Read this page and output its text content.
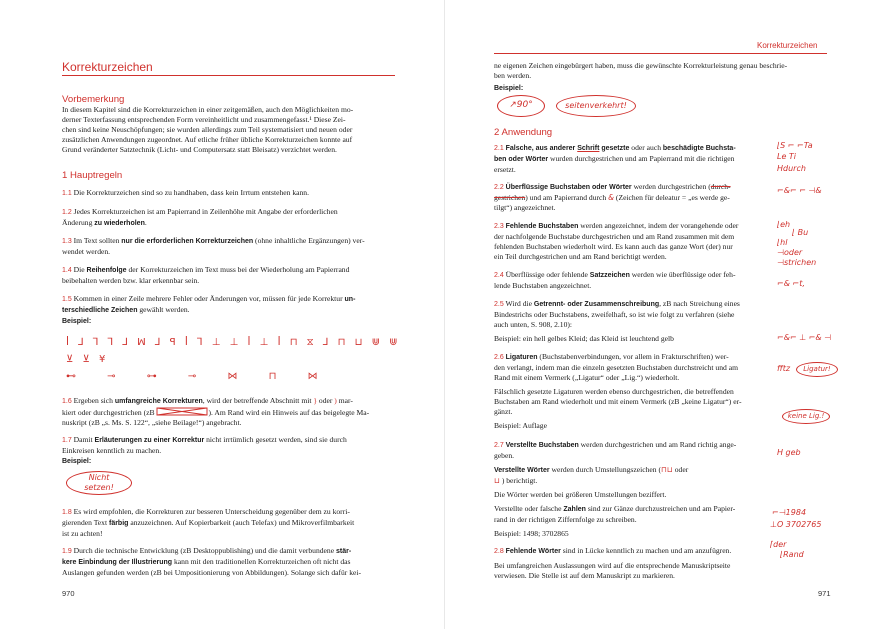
Korrekturzeichen
Vorbemerkung
In diesem Kapitel sind die Korrekturzeichen in einer zeitgemäßen, auch den Möglichkeiten mo-
derner Texterfassung entsprechenden Form vereinheitlicht und zusammengefasst.¹ Diese Zei-
chen sind keine Neuschöpfungen; sie wurden allerdings zum Teil systematisiert und neuen oder
zusätzlichen Anwendungen zugeordnet. Auf etliche früher übliche Korrekturzeichen konnte auf
Grund veränderter Satztechnik (Licht- und Computersatz statt Bleisatz) verzichtet werden.
1 Hauptregeln
1.1 Die Korrekturzeichen sind so zu handhaben, dass kein Irrtum entstehen kann.
1.2 Jedes Korrekturzeichen ist am Papierrand in Zeilenhöhe mit Angabe der erforderlichen
Änderung zu wiederholen.
1.3 Im Text sollten nur die erforderlichen Korrekturzeichen (ohne inhaltliche Ergänzungen) ver-
wendet werden.
1.4 Die Reihenfolge der Korrekturzeichen im Text muss bei der Wiederholung am Papierrand
beibehalten werden bzw. klar erkennbar sein.
1.5 Kommen in einer Zeile mehrere Fehler oder Änderungen vor, müssen für jede Korrektur un-
terschiedliche Zeichen gewählt werden.
Beispiel:
ꟾ ⅃ ⅂ ⅂ ⅃ ꟽ ⅃ ꟼ ꟾ ⅂ ⊥ ⊥ ꟾ ⊥ ꟾ ⊓ ⧖ ⅃ ⊓ ⊔ ⋓ ⋓
⊻ ⊻ ¥
⊷ ⊸ ⊶ ⊸ ⋈ ⊓ ⋈
1.6 Ergeben sich umfangreiche Korrekturen, wird der betreffende Abschnitt mit } oder ) mar-
kiert oder durchgestrichen (zB	). Am Rand wird ein Hinweis auf das beigelegte Ma-
nuskript (zB „s. Ms. S. 122“, „siehe Beilage!“) angebracht.
1.7 Damit Erläuterungen zu einer Korrektur nicht irrtümlich gesetzt werden, sind sie durch
Einkreisen kenntlich zu machen.
Beispiel:
Nicht
setzen!
1.8 Es wird empfohlen, die Korrekturen zur besseren Unterscheidung gegenüber dem zu korri-
gierenden Text färbig anzuzeichnen. Auf Kopierbarkeit (auch Telefax) und Mikroverfilmbarkeit
ist zu achten!
1.9 Durch die technische Entwicklung (zB Desktoppublishing) und die damit verbundene stär-
kere Einbindung der Illustrierung kann mit den traditionellen Korrekturzeichen oft nicht das
Auslangen gefunden werden (zB bei Umpositionierung von Abbildungen). Solange sich dafür kei-
970
Korrekturzeichen
ne eigenen Zeichen eingebürgert haben, muss die gewünschte Korrekturleistung genau beschrie-
ben werden.
Beispiel:
↗90°	seitenverkehrt!
2 Anwendung
2.1 Falsche, aus anderer Schrift gesetzte oder auch beschädigte Buchsta-
ben oder Wörter wurden durchgestrichen und am Papierrand mit die richtigen
ersetzt.
2.2 Überflüssige Buchstaben oder Wörter werden durchgestrichen (durch-
gestrichen) und am Papierrand durch & (Zeichen für deleatur = „es werde ge-
tilgt“) angezeichnet.
2.3 Fehlende Buchstaben werden angezeichnet, indem der vorangehende oder
der nachfolgende Buchstabe durchgestrichen und am Rand zusammen mit dem
fehlenden Buchstaben wiederholt wird. Es kann auch das ganze Wort (der) nur
ein Teil durchgestrichen und am Rand berichtigt werden.
2.4 Überflüssige oder fehlende Satzzeichen werden wie überflüssige oder feh-
lende Buchstaben angezeichnet.
2.5 Wird die Getrennt- oder Zusammenschreibung, zB nach Streichung eines
Bindestrichs oder Buchstabens, zweifelhaft, so ist wie folgt zu verfahren (siehe
auch unten, S. 908, 2.10):
Beispiel: ein hell gelbes Kleid; das Kleid ist leuchtend gelb
2.6 Ligaturen (Buchstabenverbindungen, vor allem in Frakturschriften) wer-
den verlangt, indem man die einzeln gesetzten Buchstaben durchstreicht und am
Rand mit einem Vermerk („Ligatur“ oder „Lig.“) wiederholt.
Fälschlich gesetzte Ligaturen werden ebenso durchgestrichen, die betreffenden
Buchstaben am Rand wiederholt und mit einem Vermerk (zB „keine Ligatur“) er-
gänzt.
Beispiel: Auflage
2.7 Verstellte Buchstaben werden durchgestrichen und am Rand richtig ange-
geben.
Verstellte Wörter werden durch Umstellungszeichen (⊓⊔ oder
⊔ ) berichtigt.
Die Wörter werden bei größeren Umstellungen beziffert.
Verstellte oder falsche Zahlen sind zur Gänze durchzustreichen und am Papier-
rand in der richtigen Ziffernfolge zu schreiben.
Beispiel: 1498; 3702865
2.8 Fehlende Wörter sind in Lücke kenntlich zu machen und am anzufügren.
Bei umfangreichen Auslassungen wird auf die entsprechende Manuskriptseite
verwiesen. Die Stelle ist auf dem Manuskript zu markieren.
⌊S ⌐ ⌐Ta
Le Ti
Hdurch
⌐&⌐ ⌐ ⊣&
⌊eh
⌊ Bu
⌊hl
⊣oder
⊣strichen
⌐& ⌐t,
⌐&⌐ ⊥ ⌐& ⊣
fftz	Ligatur!
keine Lig.!
H geb
⌐⊣1984
⊥O 3702765
⌈der
⌊Rand
971
